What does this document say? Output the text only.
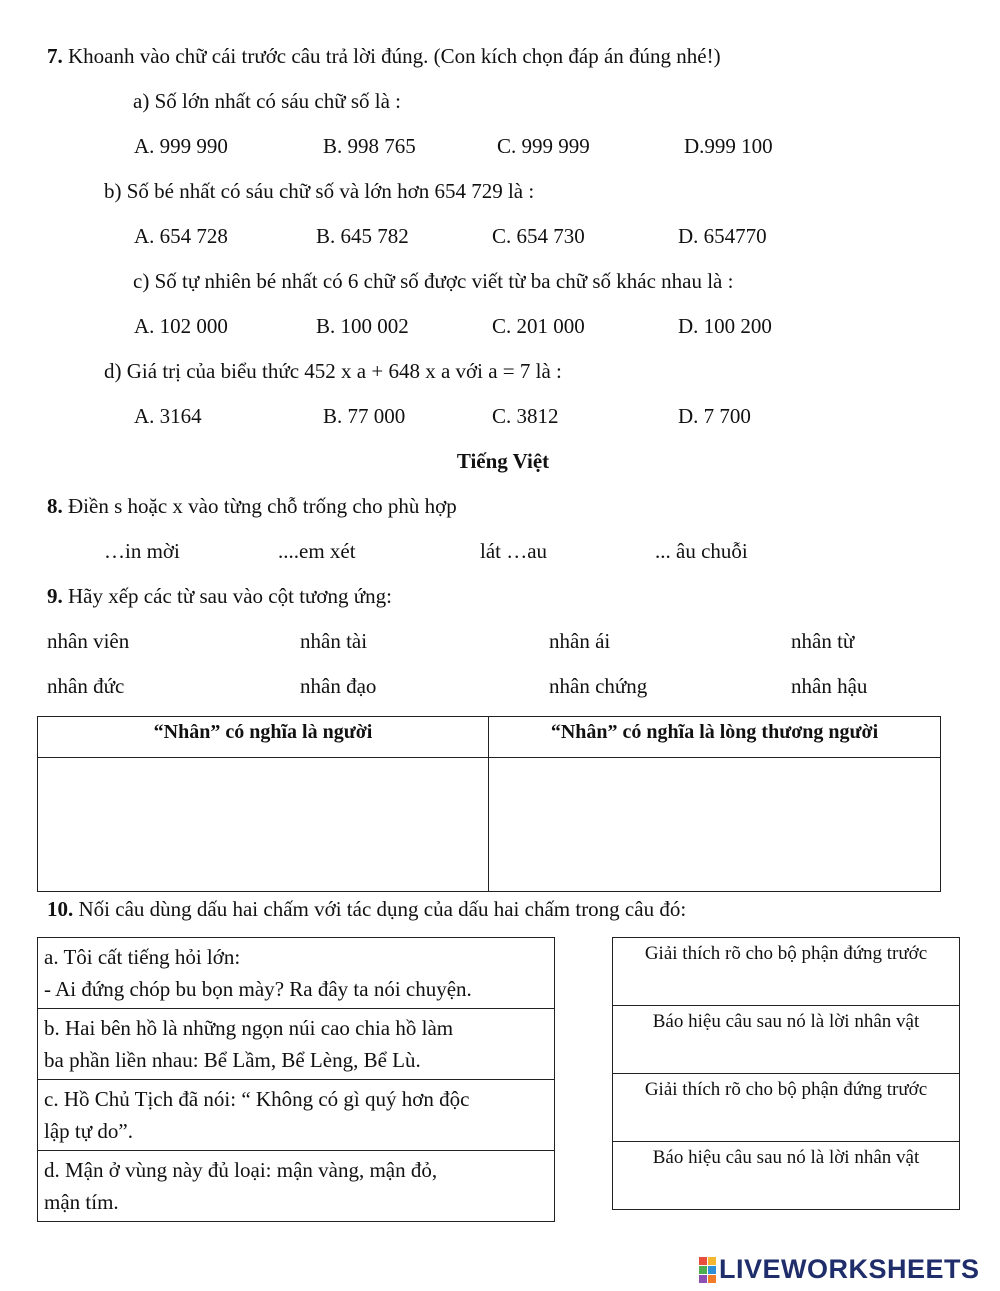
7. Khoanh vào chữ cái trước câu trả lời đúng. (Con kích chọn đáp án đúng nhé!)
a) Số lớn nhất có sáu chữ số là :
A. 999 990	B. 998 765	C. 999 999	D.999 100
b) Số bé nhất có sáu chữ số và lớn hơn 654 729 là :
A. 654 728	B. 645 782	C. 654 730	D. 654770
c) Số tự nhiên bé nhất có 6 chữ số được viết từ ba chữ số khác nhau là :
A. 102 000	B. 100 002	C. 201 000	D. 100 200
d) Giá trị của biểu thức 452 x a + 648 x a với a = 7 là :
A. 3164	B. 77 000	C. 3812	D. 7 700
Tiếng Việt
8. Điền s hoặc x vào từng chỗ trống cho phù hợp
…in mời	....em xét	lát …au	... âu chuỗi
9. Hãy xếp các từ sau vào cột tương ứng:
nhân viên	nhân tài	nhân ái	nhân từ
nhân đức	nhân đạo	nhân chứng	nhân hậu
“Nhân” có nghĩa là người	“Nhân” có nghĩa là lòng thương người

10. Nối câu dùng dấu hai chấm với tác dụng của dấu hai chấm trong câu đó:
a. Tôi cất tiếng hỏi lớn:
- Ai đứng chóp bu bọn mày? Ra đây ta nói chuyện.

b. Hai bên hồ là những ngọn núi cao chia hồ làm
ba phần liền nhau: Bể Lầm, Bể Lèng, Bể Lù.

c. Hồ Chủ Tịch đã nói: “ Không có gì quý hơn độc
lập tự do”.

d. Mận ở vùng này đủ loại: mận vàng, mận đỏ,
mận tím.
Giải thích rõ cho bộ phận đứng trước
Báo hiệu câu sau nó là lời nhân vật
Giải thích rõ cho bộ phận đứng trước
Báo hiệu câu sau nó là lời nhân vật
LIVEWORKSHEETS
